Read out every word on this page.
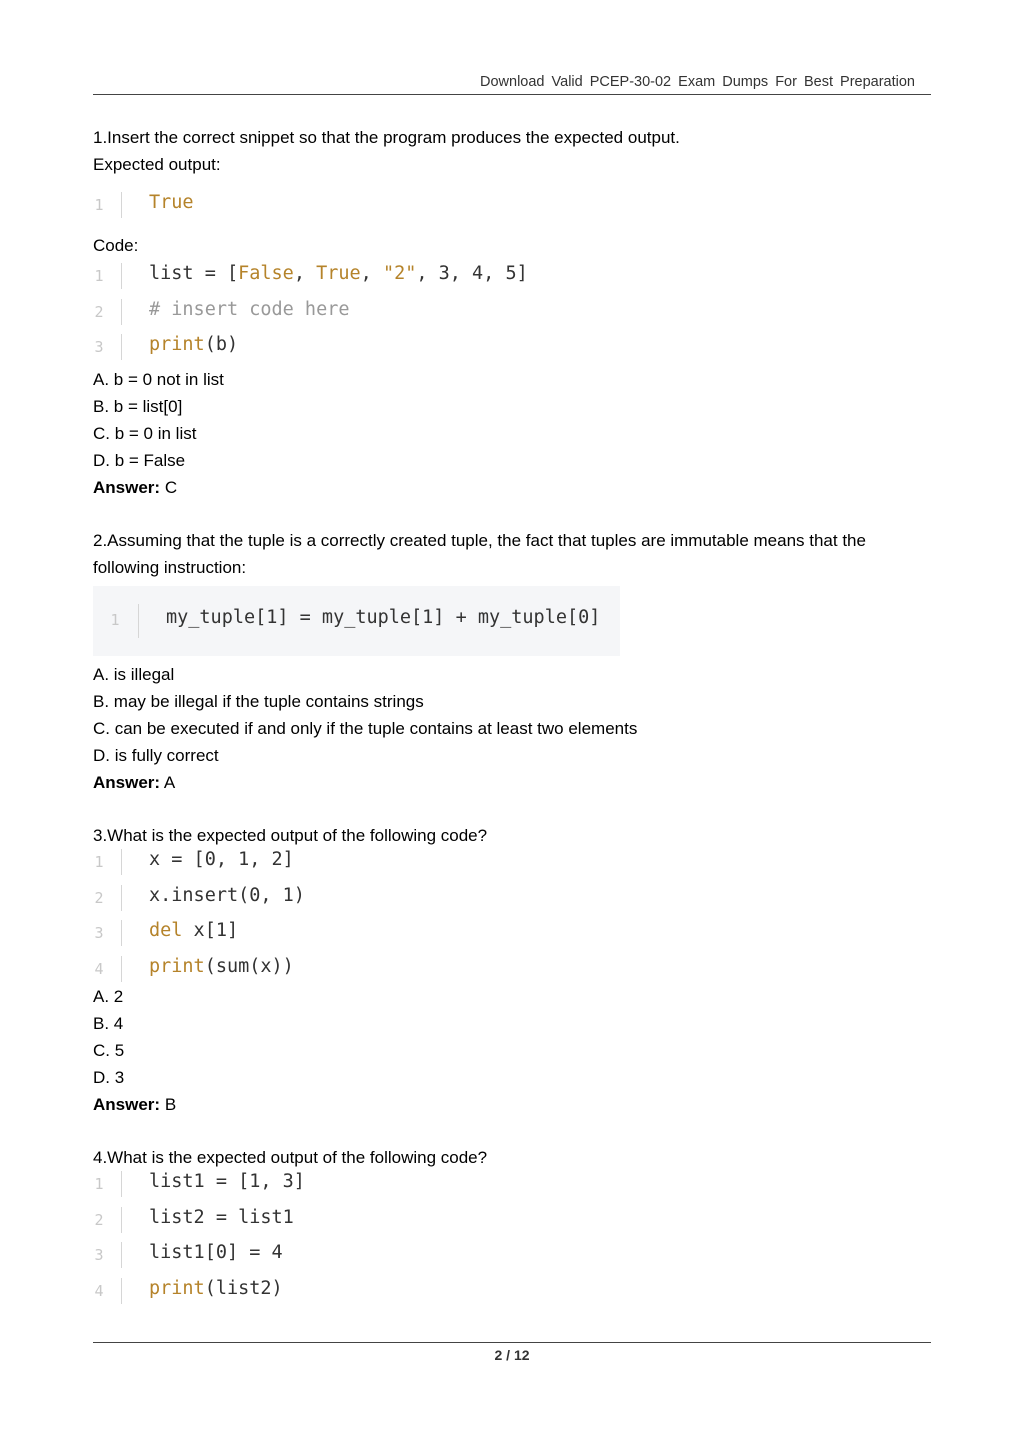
Download Valid PCEP-30-02 Exam Dumps For Best Preparation
1.Insert the correct snippet so that the program produces the expected output.
Expected output:
1 True
Code:
1 list = [False, True, "2", 3, 4, 5]
2 # insert code here
3 print(b)
A. b = 0 not in list
B. b = list[0]
C. b = 0 in list
D. b = False
Answer: C
2.Assuming that the tuple is a correctly created tuple, the fact that tuples are immutable means that the following instruction:
1	my_tuple[1] = my_tuple[1] + my_tuple[0]
A. is illegal
B. may be illegal if the tuple contains strings
C. can be executed if and only if the tuple contains at least two elements
D. is fully correct
Answer: A
3.What is the expected output of the following code?
1 x = [0, 1, 2]
2 x.insert(0, 1)
3 del x[1]
4 print(sum(x))
A. 2
B. 4
C. 5
D. 3
Answer: B
4.What is the expected output of the following code?
1 list1 = [1, 3]
2 list2 = list1
3 list1[0] = 4
4 print(list2)
2 / 12
